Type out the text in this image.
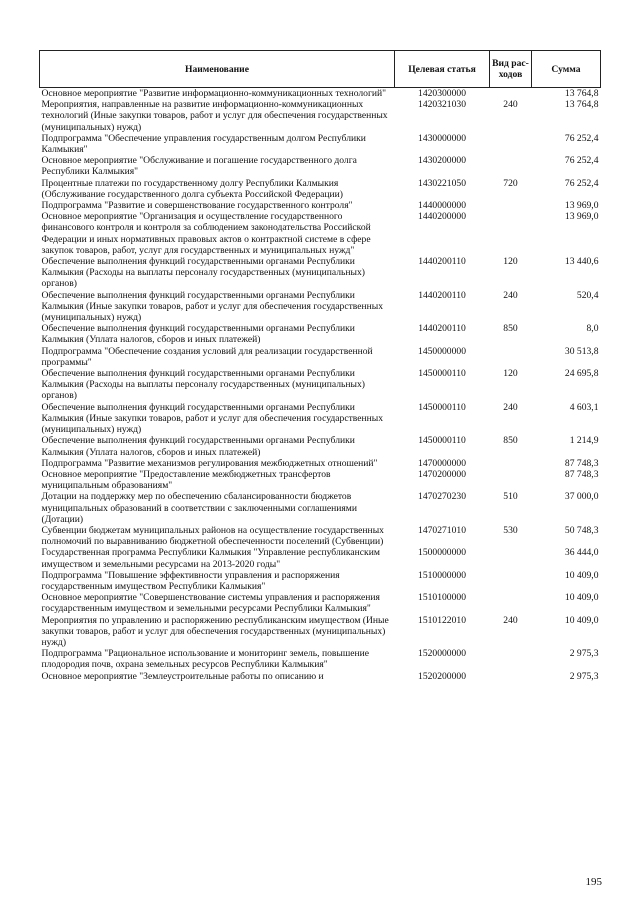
Наименование	Целевая статья	Вид рас-ходов	Сумма
Основное мероприятие "Развитие информационно-коммуникационных технологий"	1420300000		13 764,8
Мероприятия, направленные на развитие информационно-коммуникационных технологий (Иные закупки товаров, работ и услуг для обеспечения государственных (муниципальных) нужд)	1420321030	240	13 764,8
Подпрограмма "Обеспечение управления государственным долгом Республики Калмыкия"	1430000000		76 252,4
Основное мероприятие "Обслуживание и погашение государственного долга Республики Калмыкия"	1430200000		76 252,4
Процентные платежи по государственному долгу Республики Калмыкия (Обслуживание государственного долга субъекта Российской Федерации)	1430221050	720	76 252,4
Подпрограмма "Развитие и совершенствование государственного контроля"	1440000000		13 969,0
Основное мероприятие "Организация и осуществление государственного финансового контроля и контроля за соблюдением законодательства Российской Федерации и иных нормативных правовых актов о контрактной системе в сфере закупок товаров, работ, услуг для государственных и муниципальных нужд"	1440200000		13 969,0
Обеспечение выполнения функций государственными органами Республики Калмыкия (Расходы на выплаты персоналу государственных (муниципальных) органов)	1440200110	120	13 440,6
Обеспечение выполнения функций государственными органами Республики Калмыкия (Иные закупки товаров, работ и услуг для обеспечения государственных (муниципальных) нужд)	1440200110	240	520,4
Обеспечение выполнения функций государственными органами Республики Калмыкия (Уплата налогов, сборов и иных платежей)	1440200110	850	8,0
Подпрограмма "Обеспечение создания условий для реализации государственной программы"	1450000000		30 513,8
Обеспечение выполнения функций государственными органами Республики Калмыкия (Расходы на выплаты персоналу государственных (муниципальных) органов)	1450000110	120	24 695,8
Обеспечение выполнения функций государственными органами Республики Калмыкия (Иные закупки товаров, работ и услуг для обеспечения государственных (муниципальных) нужд)	1450000110	240	4 603,1
Обеспечение выполнения функций государственными органами Республики Калмыкия (Уплата налогов, сборов и иных платежей)	1450000110	850	1 214,9
Подпрограмма "Развитие механизмов регулирования межбюджетных отношений"	1470000000		87 748,3
Основное мероприятие "Предоставление межбюджетных трансфертов муниципальным образованиям"	1470200000		87 748,3
Дотации на поддержку мер по обеспечению сбалансированности бюджетов муниципальных образований в соответствии с заключенными соглашениями (Дотации)	1470270230	510	37 000,0
Субвенции бюджетам муниципальных районов на осуществление государственных полномочий по выравниванию бюджетной обеспеченности поселений (Субвенции)	1470271010	530	50 748,3
Государственная программа Республики Калмыкия "Управление республиканским имуществом и земельными ресурсами на 2013-2020 годы"	1500000000		36 444,0
Подпрограмма "Повышение эффективности управления и распоряжения государственным имуществом Республики Калмыкия"	1510000000		10 409,0
Основное мероприятие "Совершенствование системы управления и распоряжения государственным имуществом и земельными ресурсами Республики Калмыкия"	1510100000		10 409,0
Мероприятия по управлению и распоряжению республиканским имуществом (Иные закупки товаров, работ и услуг для обеспечения государственных (муниципальных) нужд)	1510122010	240	10 409,0
Подпрограмма "Рациональное использование и мониторинг земель, повышение плодородия почв, охрана земельных ресурсов Республики Калмыкия"	1520000000		2 975,3
Основное мероприятие "Землеустроительные работы по описанию и	1520200000		2 975,3
195
